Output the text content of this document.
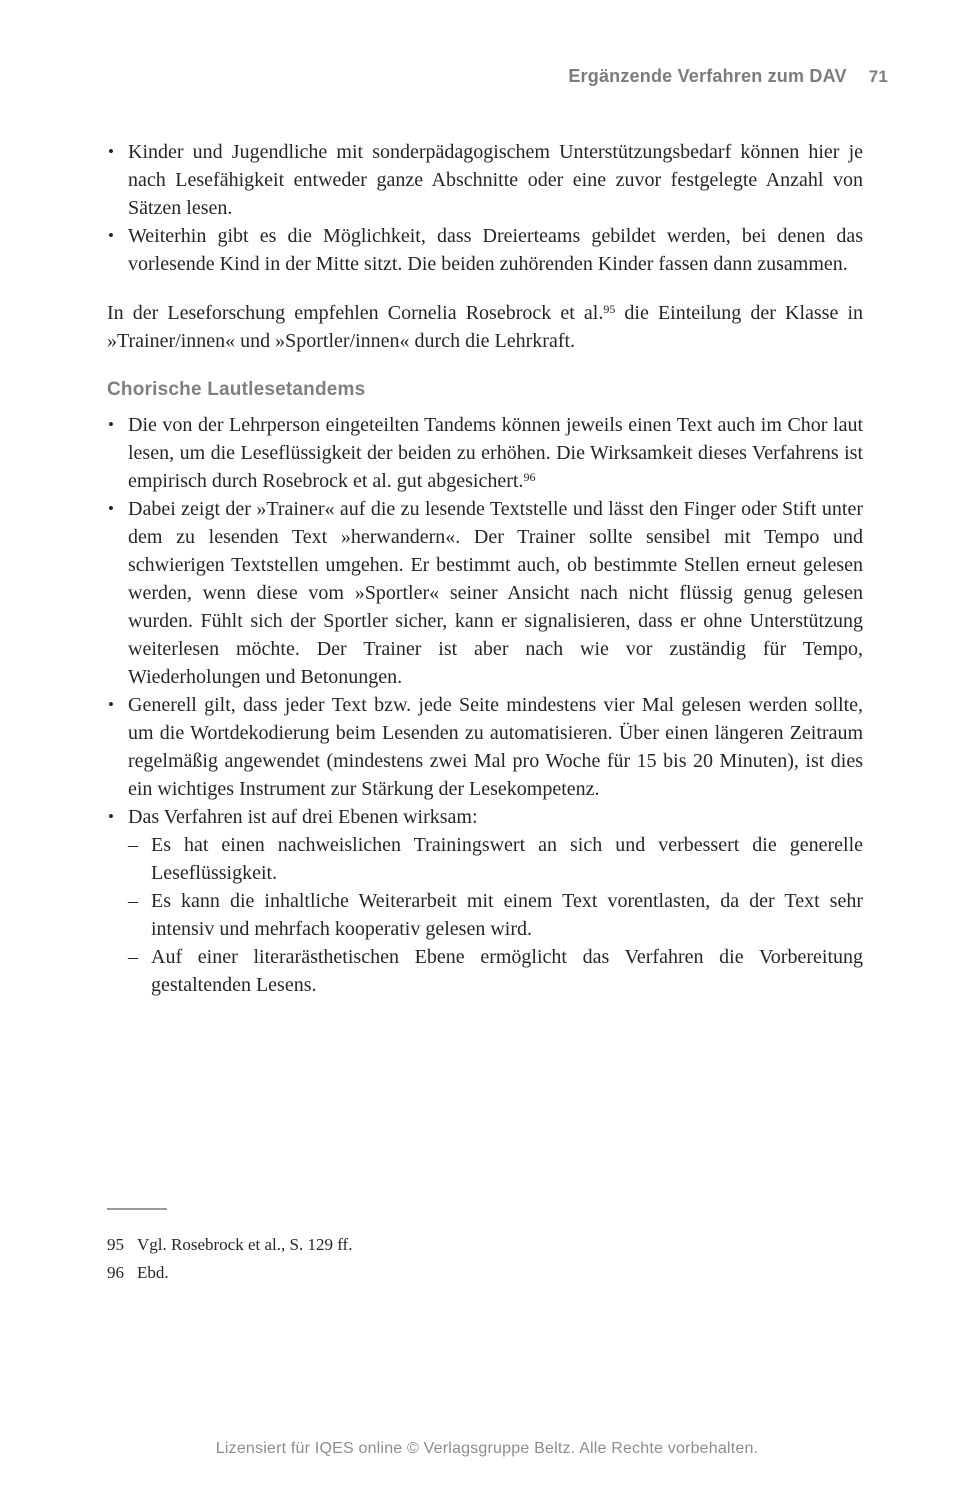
Ergänzende Verfahren zum DAV 71
• Kinder und Jugendliche mit sonderpädagogischem Unterstützungsbedarf können hier je nach Lesefähigkeit entweder ganze Abschnitte oder eine zuvor festgelegte Anzahl von Sätzen lesen.
• Weiterhin gibt es die Möglichkeit, dass Dreierteams gebildet werden, bei denen das vorlesende Kind in der Mitte sitzt. Die beiden zuhörenden Kinder fassen dann zusammen.

In der Leseforschung empfehlen Cornelia Rosebrock et al.$^{95}$ die Einteilung der Klasse in »Trainer/innen« und »Sportler/innen« durch die Lehrkraft.

Chorische Lautlesetandems
• Die von der Lehrperson eingeteilten Tandems können jeweils einen Text auch im Chor laut lesen, um die Leseflüssigkeit der beiden zu erhöhen. Die Wirksamkeit dieses Verfahrens ist empirisch durch Rosebrock et al. gut abgesichert.$^{96}$
• Dabei zeigt der »Trainer« auf die zu lesende Textstelle und lässt den Finger oder Stift unter dem zu lesenden Text »herwandern«. Der Trainer sollte sensibel mit Tempo und schwierigen Textstellen umgehen. Er bestimmt auch, ob bestimmte Stellen erneut gelesen werden, wenn diese vom »Sportler« seiner Ansicht nach nicht flüssig genug gelesen wurden. Fühlt sich der Sportler sicher, kann er signalisieren, dass er ohne Unterstützung weiterlesen möchte. Der Trainer ist aber nach wie vor zuständig für Tempo, Wiederholungen und Betonungen.
• Generell gilt, dass jeder Text bzw. jede Seite mindestens vier Mal gelesen werden sollte, um die Wortdekodierung beim Lesenden zu automatisieren. Über einen längeren Zeitraum regelmäßig angewendet (mindestens zwei Mal pro Woche für 15 bis 20 Minuten), ist dies ein wichtiges Instrument zur Stärkung der Lesekompetenz.
• Das Verfahren ist auf drei Ebenen wirksam:
– Es hat einen nachweislichen Trainingswert an sich und verbessert die generelle Leseflüssigkeit.
– Es kann die inhaltliche Weiterarbeit mit einem Text vorentlasten, da der Text sehr intensiv und mehrfach kooperativ gelesen wird.
– Auf einer literarästhetischen Ebene ermöglicht das Verfahren die Vorbereitung gestaltenden Lesens.
95 Vgl. Rosebrock et al., S. 129 ff.
96 Ebd.
Lizensiert für IQES online © Verlagsgruppe Beltz. Alle Rechte vorbehalten.
